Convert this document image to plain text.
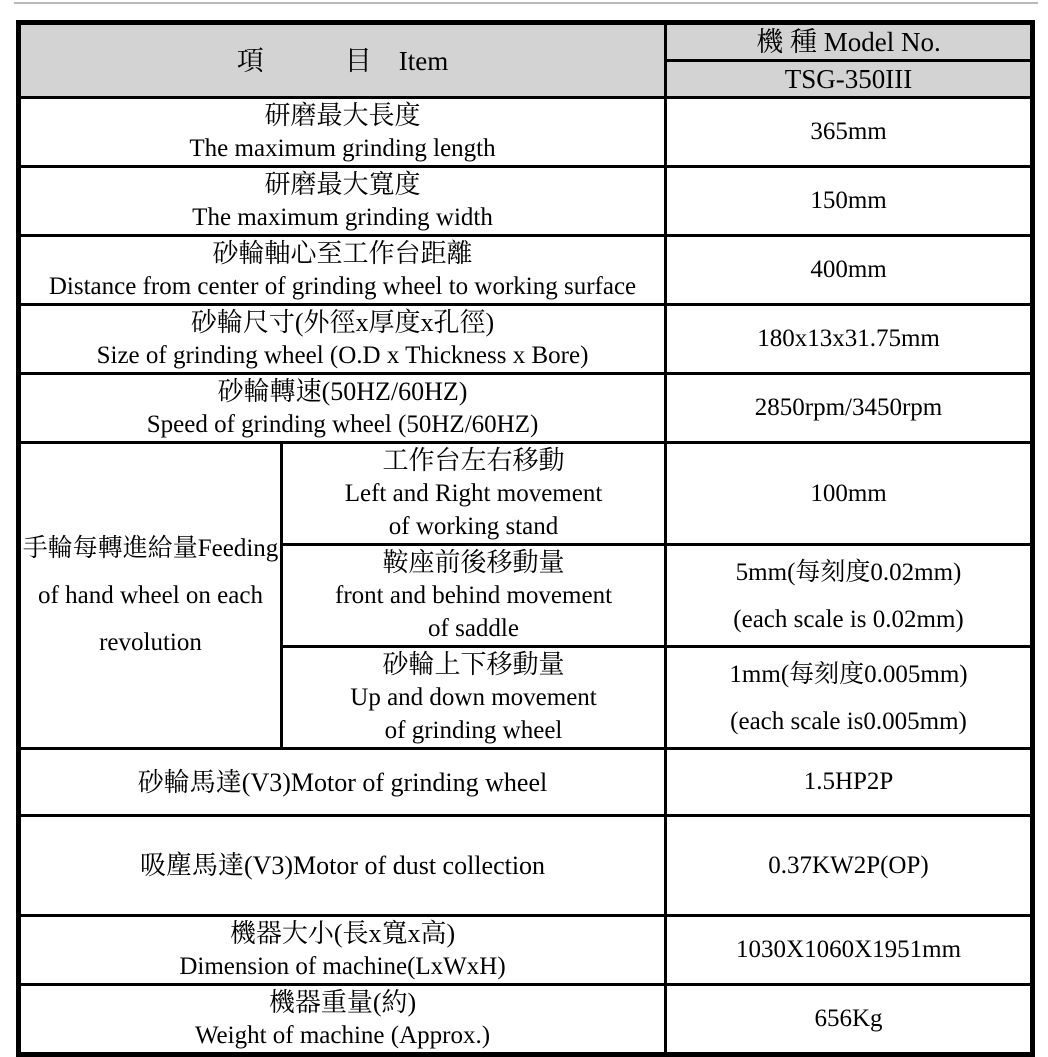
項　　　目　Item		機 種 Model No.

		TSG-350III

研磨最大長度
The maximum grinding length		365mm

研磨最大寬度
The maximum grinding width		150mm

砂輪軸心至工作台距離
Distance from center of grinding wheel to working surface		400mm

砂輪尺寸(外徑x厚度x孔徑)
Size of grinding wheel (O.D x Thickness x Bore)		180x13x31.75mm

砂輪轉速(50HZ/60HZ)
Speed of grinding wheel (50HZ/60HZ)		2850rpm/3450rpm

手輪每轉進給量Feeding
of hand wheel on each
revolution	工作台左右移動
Left and Right movement
of working stand	100mm

	鞍座前後移動量
front and behind movement
of saddle	5mm(每刻度0.02mm)
(each scale is 0.02mm)

	砂輪上下移動量
Up and down movement
of grinding wheel	1mm(每刻度0.005mm)
(each scale is0.005mm)

砂輪馬達(V3)Motor of grinding wheel		1.5HP2P

吸塵馬達(V3)Motor of dust collection		0.37KW2P(OP)

機器大小(長x寬x高)
Dimension of machine(LxWxH)		1030X1060X1951mm

機器重量(約)
Weight of machine (Approx.)		656Kg
